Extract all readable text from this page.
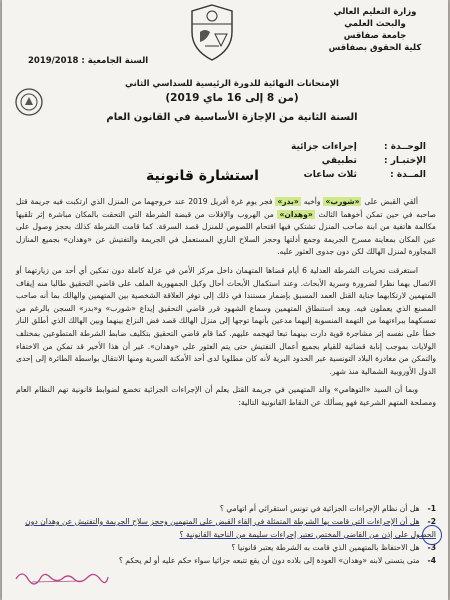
وزارة التعليم العالي
والبحث العلمي
جامعة صفاقس
كلية الحقوق بصفاقس
السنة الجامعية : 2019/2018
الإمتحانات النهائية للدورة الرئيسية للسداسي الثاني
(من 8 إلى 16 ماي 2019)
السنة الثانية من الإجازة الأساسية في القانون العام
الوحــدة : إجراءات جزائية
الإختبـار : تطبيقي
المــدة : ثلاث ساعات
استشارة قانونية

ألقي القبض على «شورب» وأخيه «بدر» فجر يوم غرة أفريل 2019 عند خروجهما من المنزل الذي ارتكبت فيه جريمة قتل صاحبه في حين تمكن أخوهما الثالث «وهدان» من الهروب والإفلات من قبضة الشرطة التي التحقت بالمكان مباشرة إثر تلقيها مكالمة هاتفية من ابنة صاحب المنزل تشتكي فيها اقتحام اللصوص للمنزل قصد السرقة. كما قامت الشرطة كذلك بحجز وصول على عين المكان بمعاينة مسرح الجريمة وجمع أدلتها وحجز السلاح الناري المستعمل في الجريمة والتفتيش عن «وهدان» بجميع المنازل المجاورة لمنزل الهالك لكن دون جدوى العثور عليه.

استغرقت تحريات الشرطة العدلية 6 أيام قضاها المتهمان داخل مركز الأمن في عزلة كاملة دون تمكين أي أحد من زيارتهما أو الاتصال بهما نظرا لضرورة وسرية الأبحاث. وعند استكمال الأبحاث أحال وكيل الجمهورية الملف على قاضي التحقيق طالبا منه إيقاف المتهمين لارتكابهما جناية القتل العمد المسبق بإضمار مستندا في ذلك إلى توفر العلاقة الشخصية بين المتهمين والهالك بما أنه صاحب المصنع الذي يعملون فيه. وبعد استنطاق المتهمين وسماع الشهود قرر قاضي التحقيق إيداع «شورب» و«بدر» السجن بالرغم من تمسكهما ببراءتهما من التهمة المنسوبة إليهما مدعين بأنهما توجها إلى منزل الهالك قصد فض النزاع بينهما وبين الهالك الذي أطلق النار خطأ على نفسه إثر مشاجرة قوية دارت بينهما تبعا لتهجمه عليهم. كما قام قاضي التحقيق بتكليف ضابط الشرطة المتطوعين بمختلف الولايات بموجب إنابة قضائية للقيام بجميع أعمال التفتيش حتى يتم العثور على «وهدان». غير أن هذا الأخير قد تمكن من الاختفاء والتمكن من مغادرة البلاد التونسية عبر الحدود البرية لأنه كان مطلوبا لدى أحد الأمكنة السرية ومنها الانتقال بواسطة الطائرة إلى إحدى الدول الأوروبية الشمالية منذ شهر.

وبما أن السيد «التوهامي» والد المتهمين في جريمة القتل يعلم أن الإجراءات الجزائية تخضع لضوابط قانونية تهم النظام العام ومصلحة المتهم الشرعية فهو يسألك عن النقاط القانونية التالية:

1- هل أن نظام الإجراءات الجزائية في تونس استقرائي أم اتهامي ؟
2- هل أن الإجراءات التي قامت بها الشرطة المتمثلة في إلقاء القبض على المتهمين وحجز سلاح الجريمة والتفتيش عن وهدان دون الحصول على إذن من القاضي المختص تعتبر إجراءات سليمة من الناحية القانونية ؟
3- هل الاحتفاظ بالمتهمين الذي قامت به الشرطة يعتبر قانونيا ؟
4- متى يتسنى لابنه «وهدان» العودة إلى بلاده دون أن يقع تتبعه جزائيا سواء حكم عليه أو لم يحكم ؟
